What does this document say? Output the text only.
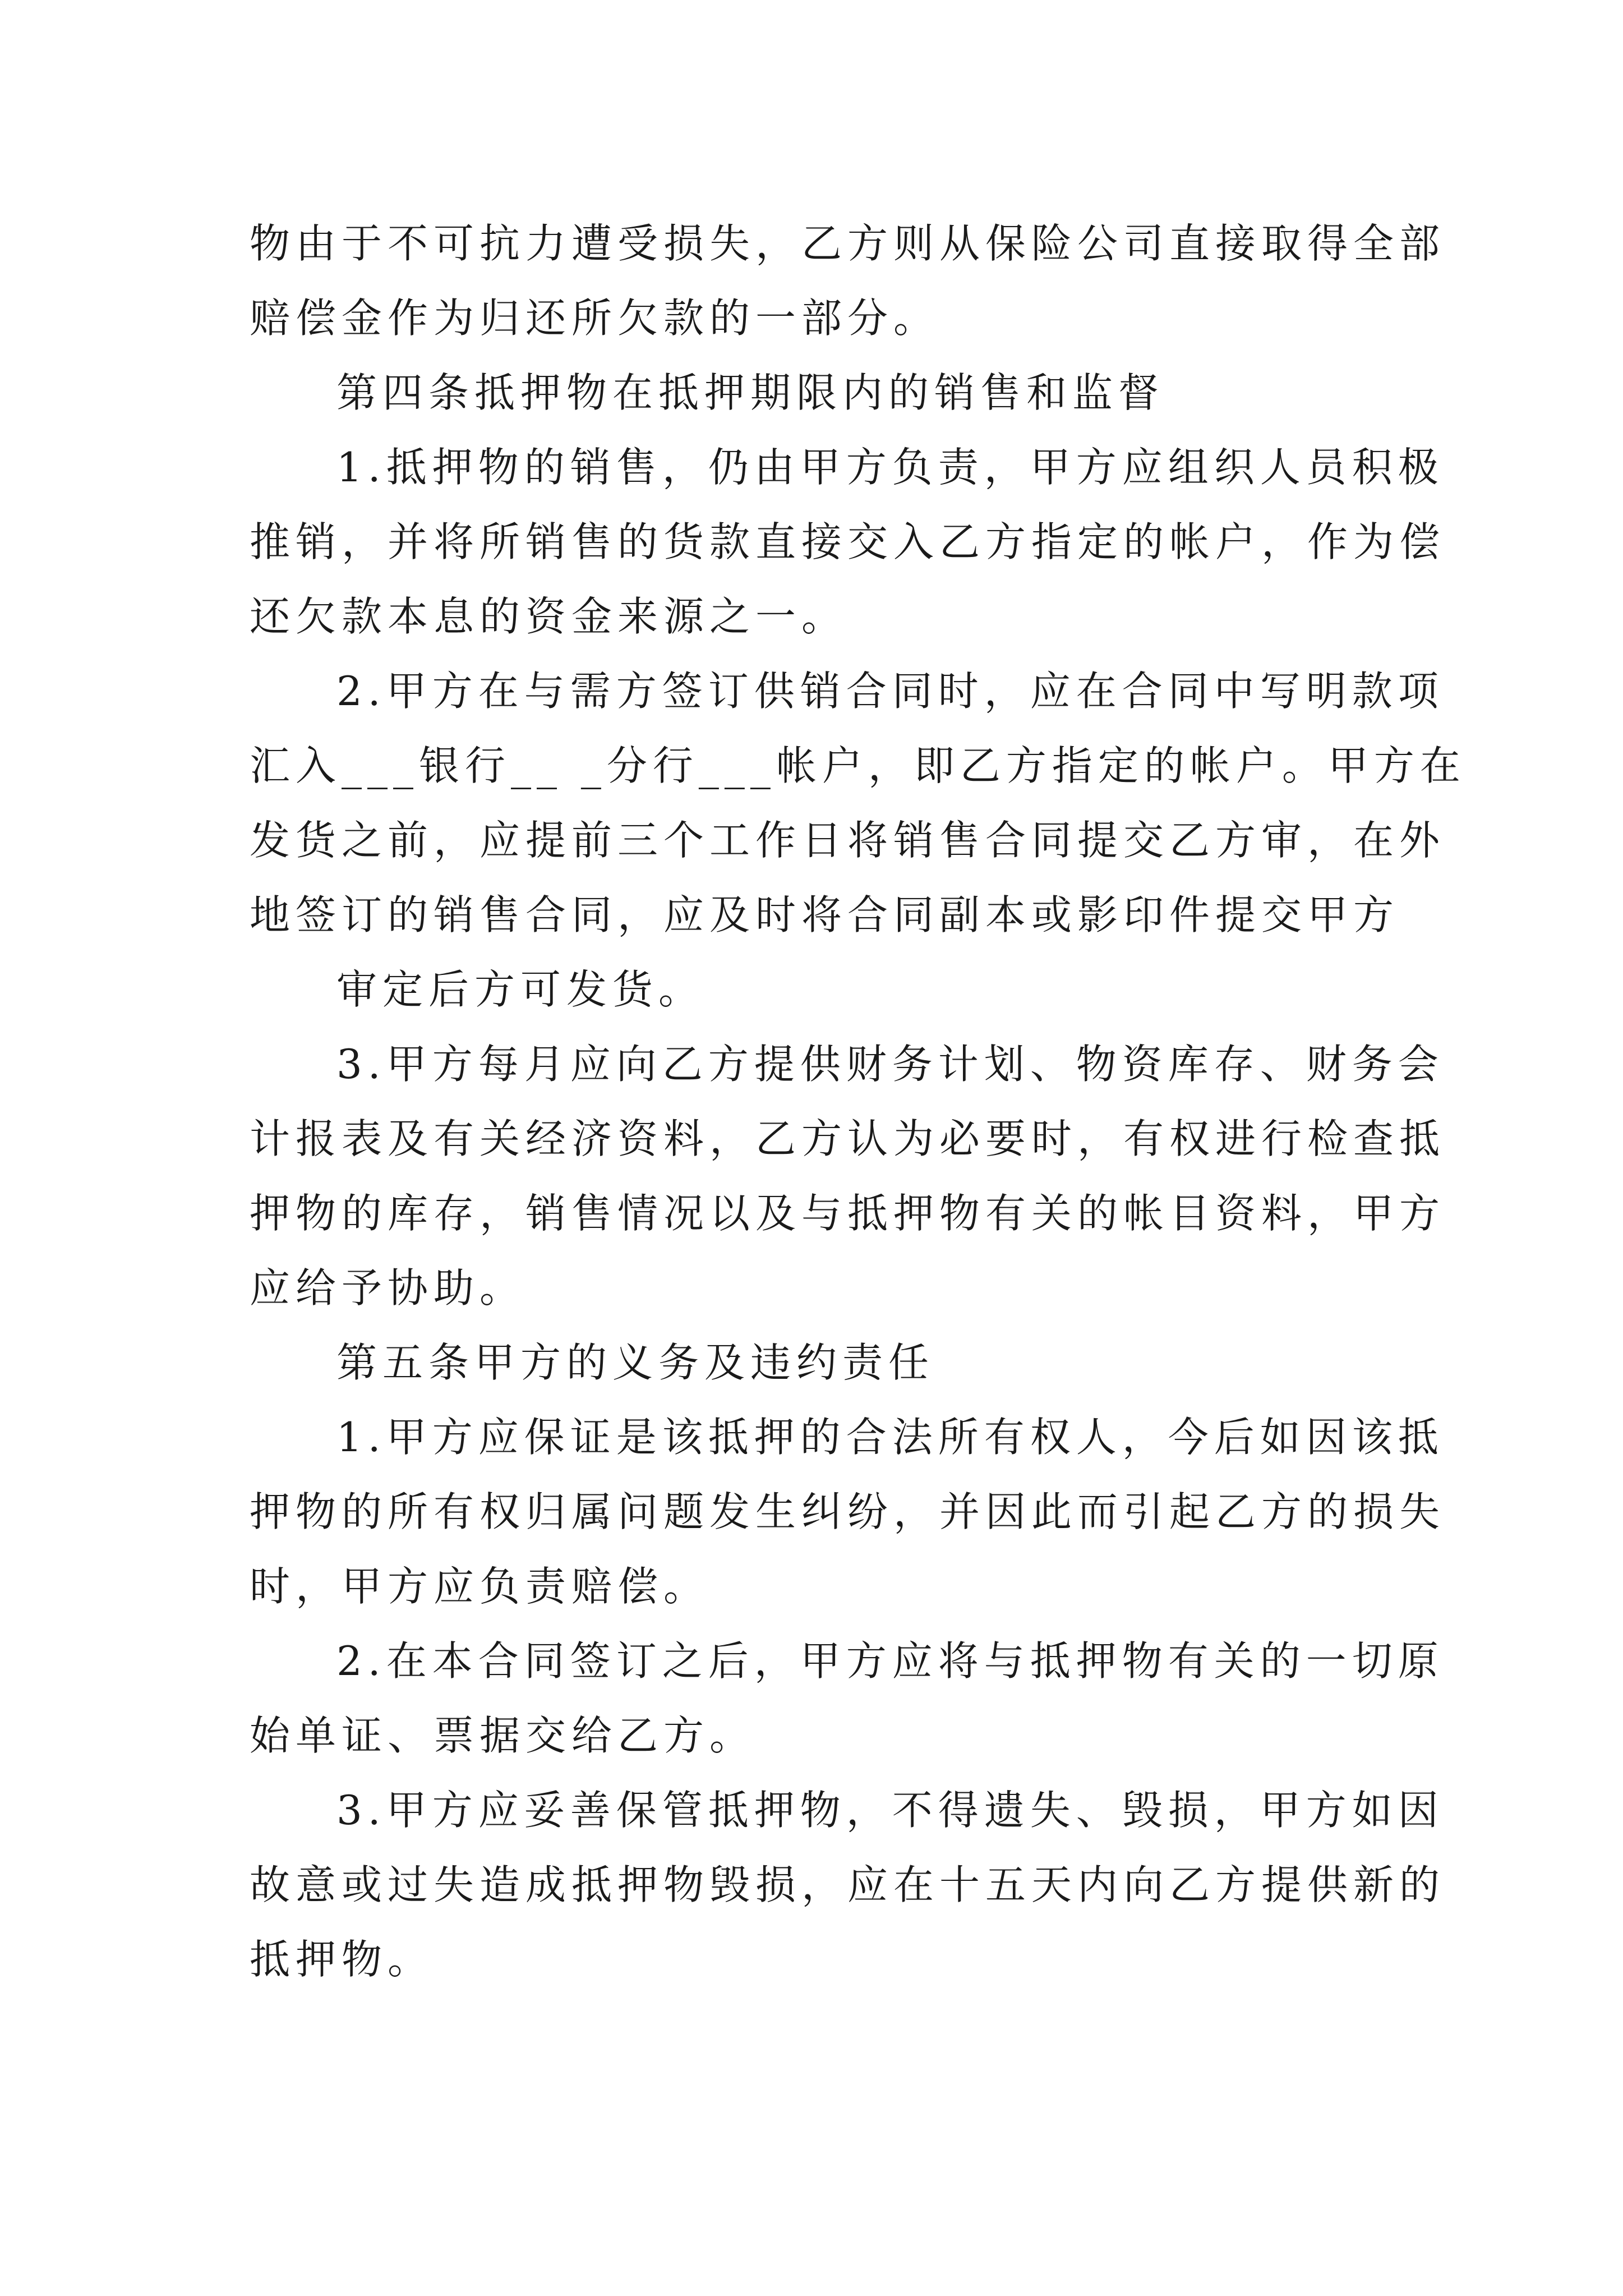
物由于不可抗力遭受损失，乙方则从保险公司直接取得全部
赔偿金作为归还所欠款的一部分。
第四条抵押物在抵押期限内的销售和监督
1.抵押物的销售，仍由甲方负责，甲方应组织人员积极
推销，并将所销售的货款直接交入乙方指定的帐户，作为偿
还欠款本息的资金来源之一。
2.甲方在与需方签订供销合同时，应在合同中写明款项
汇入___银行__ _分行___帐户，即乙方指定的帐户。甲方在
发货之前，应提前三个工作日将销售合同提交乙方审，在外
地签订的销售合同，应及时将合同副本或影印件提交甲方
审定后方可发货。
3.甲方每月应向乙方提供财务计划、物资库存、财务会
计报表及有关经济资料，乙方认为必要时，有权进行检查抵
押物的库存，销售情况以及与抵押物有关的帐目资料，甲方
应给予协助。
第五条甲方的义务及违约责任
1.甲方应保证是该抵押的合法所有权人，今后如因该抵
押物的所有权归属问题发生纠纷，并因此而引起乙方的损失
时，甲方应负责赔偿。
2.在本合同签订之后，甲方应将与抵押物有关的一切原
始单证、票据交给乙方。
3.甲方应妥善保管抵押物，不得遗失、毁损，甲方如因
故意或过失造成抵押物毁损，应在十五天内向乙方提供新的
抵押物。
